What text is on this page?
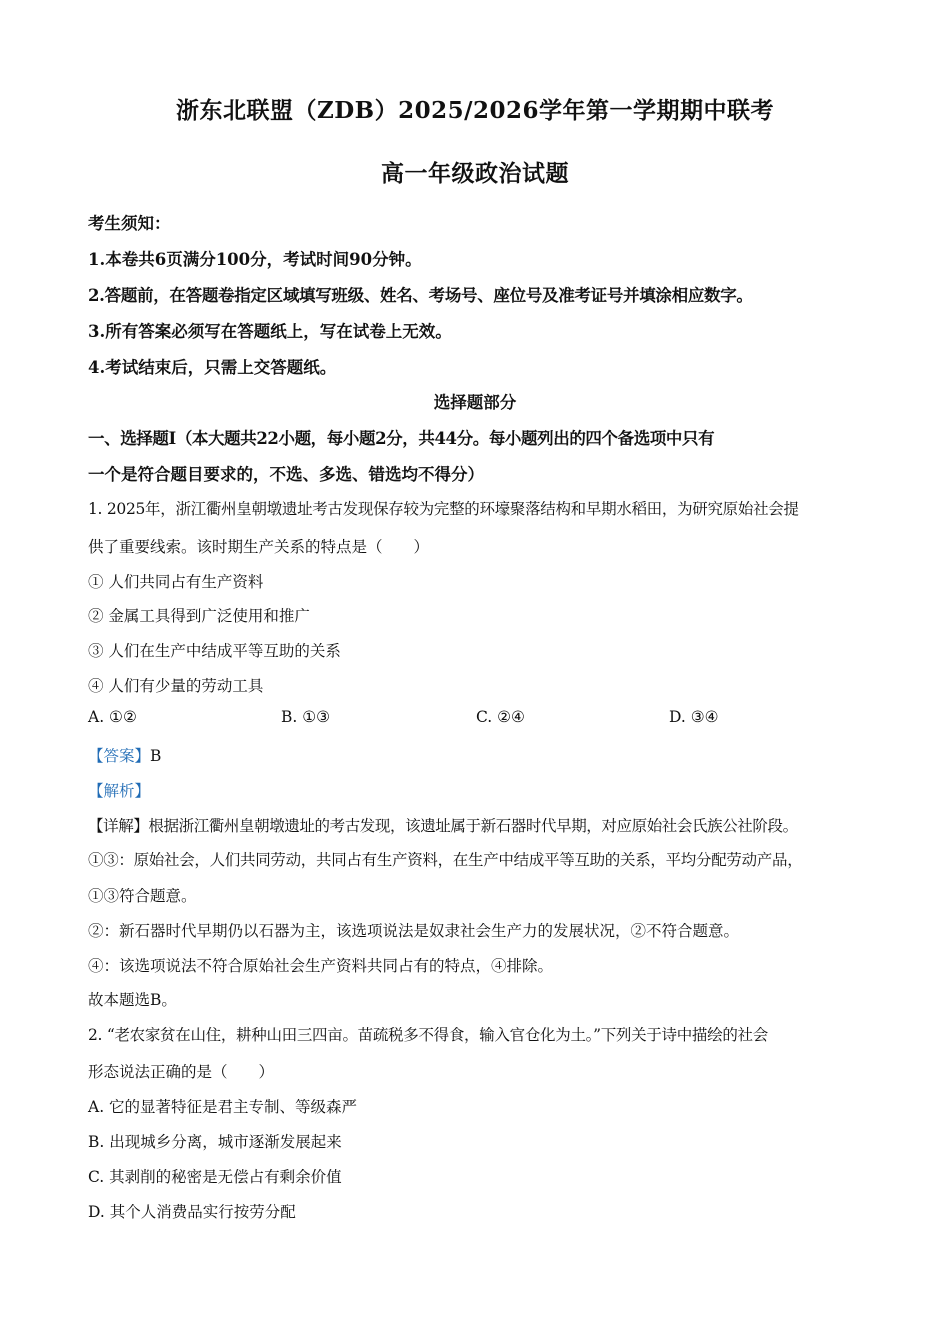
浙东北联盟（ZDB）2025/2026学年第一学期期中联考
高一年级政治试题
考生须知：
1.本卷共6页满分100分，考试时间90分钟。
2.答题前，在答题卷指定区域填写班级、姓名、考场号、座位号及准考证号并填涂相应数字。
3.所有答案必须写在答题纸上，写在试卷上无效。
4.考试结束后，只需上交答题纸。
选择题部分
一、选择题Ⅰ（本大题共22小题，每小题2分，共44分。每小题列出的四个备选项中只有
一个是符合题目要求的，不选、多选、错选均不得分）
1. 2025年，浙江衢州皇朝墩遗址考古发现保存较为完整的环壕聚落结构和早期水稻田，为研究原始社会提
供了重要线索。该时期生产关系的特点是（　　）
① 人们共同占有生产资料
② 金属工具得到广泛使用和推广
③ 人们在生产中结成平等互助的关系
④ 人们有少量的劳动工具
A. ①②	B. ①③	C. ②④	D. ③④
【答案】B
【解析】
【详解】根据浙江衢州皇朝墩遗址的考古发现，该遗址属于新石器时代早期，对应原始社会氏族公社阶段。
①③：原始社会，人们共同劳动，共同占有生产资料，在生产中结成平等互助的关系，平均分配劳动产品，
①③符合题意。
②：新石器时代早期仍以石器为主，该选项说法是奴隶社会生产力的发展状况，②不符合题意。
④：该选项说法不符合原始社会生产资料共同占有的特点，④排除。
故本题选B。
2. “老农家贫在山住，耕种山田三四亩。苗疏税多不得食，输入官仓化为土。”下列关于诗中描绘的社会
形态说法正确的是（　　）
A. 它的显著特征是君主专制、等级森严
B. 出现城乡分离，城市逐渐发展起来
C. 其剥削的秘密是无偿占有剩余价值
D. 其个人消费品实行按劳分配
